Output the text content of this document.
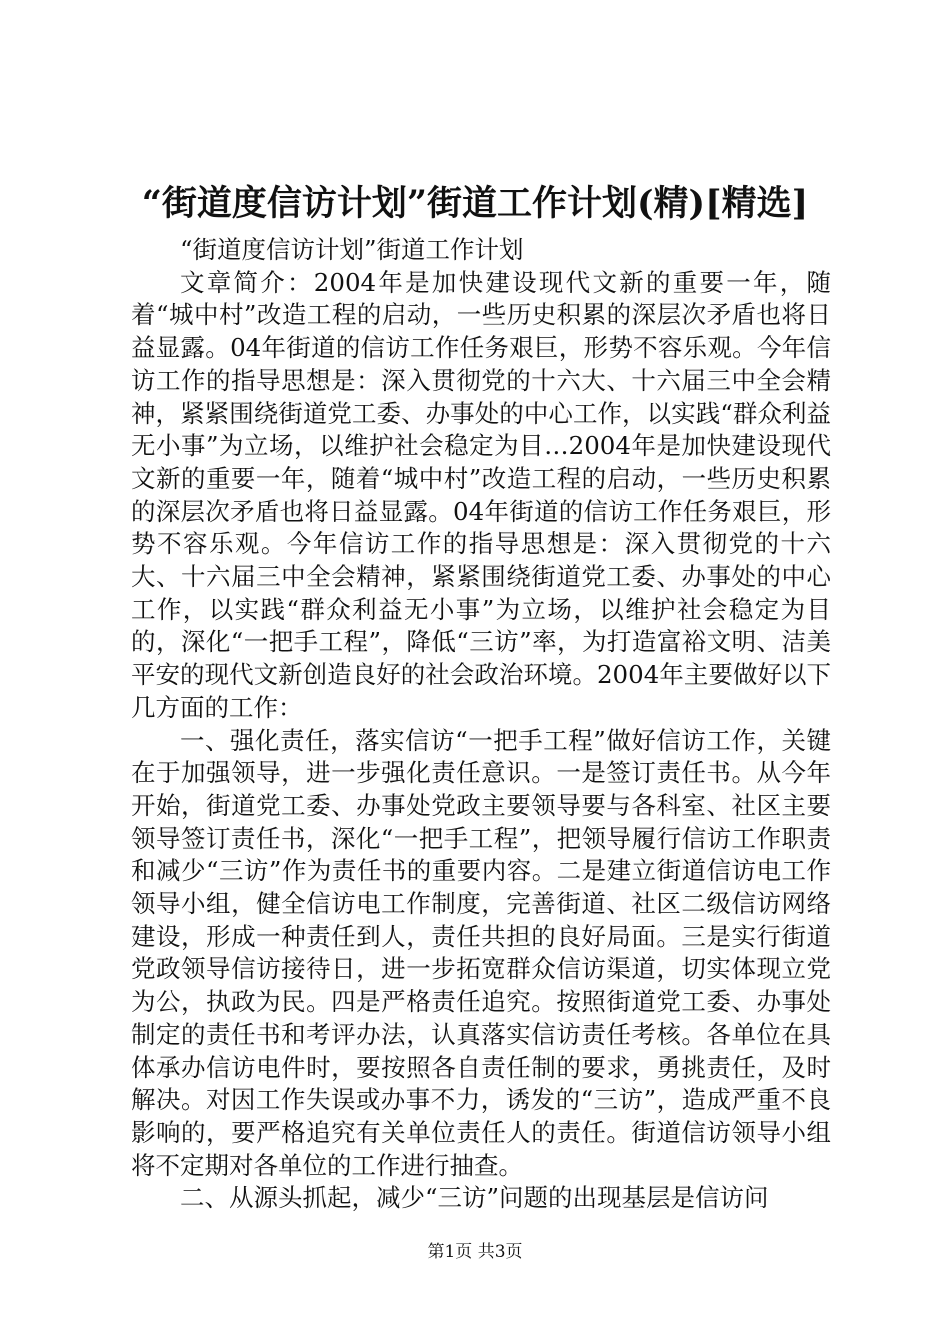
“街道度信访计划”街道工作计划(精)[精选]

“街道度信访计划”街道工作计划

文章简介：2004年是加快建设现代文新的重要一年，随着“城中村”改造工程的启动，一些历史积累的深层次矛盾也将日益显露。04年街道的信访工作任务艰巨，形势不容乐观。今年信访工作的指导思想是：深入贯彻党的十六大、十六届三中全会精神，紧紧围绕街道党工委、办事处的中心工作，以实践“群众利益无小事”为立场，以维护社会稳定为目…2004年是加快建设现代文新的重要一年，随着“城中村”改造工程的启动，一些历史积累的深层次矛盾也将日益显露。04年街道的信访工作任务艰巨，形势不容乐观。今年信访工作的指导思想是：深入贯彻党的十六大、十六届三中全会精神，紧紧围绕街道党工委、办事处的中心工作，以实践“群众利益无小事”为立场，以维护社会稳定为目的，深化“一把手工程”，降低“三访”率，为打造富裕文明、洁美平安的现代文新创造良好的社会政治环境。2004年主要做好以下几方面的工作：

一、强化责任，落实信访“一把手工程”做好信访工作，关键在于加强领导，进一步强化责任意识。一是签订责任书。从今年开始，街道党工委、办事处党政主要领导要与各科室、社区主要领导签订责任书，深化“一把手工程”，把领导履行信访工作职责和减少“三访”作为责任书的重要内容。二是建立街道信访电工作领导小组，健全信访电工作制度，完善街道、社区二级信访网络建设，形成一种责任到人，责任共担的良好局面。三是实行街道党政领导信访接待日，进一步拓宽群众信访渠道，切实体现立党为公，执政为民。四是严格责任追究。按照街道党工委、办事处制定的责任书和考评办法，认真落实信访责任考核。各单位在具体承办信访电件时，要按照各自责任制的要求，勇挑责任，及时解决。对因工作失误或办事不力，诱发的“三访”，造成严重不良影响的，要严格追究有关单位责任人的责任。街道信访领导小组将不定期对各单位的工作进行抽查。

二、从源头抓起，减少“三访”问题的出现基层是信访问

第1页 共3页
